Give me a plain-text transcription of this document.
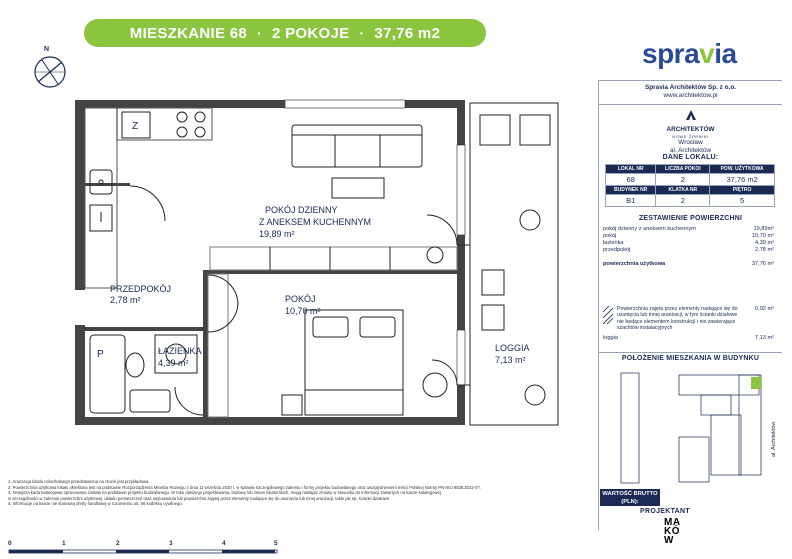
MIESZKANIE 68 · 2 POKOJE · 37,76 m2
N	spravia
Z
P
POKÓJ DZIENNY
Z ANEKSEM KUCHENNYM
19,89 m²
PRZEDPOKÓJ
2,78 m²	POKÓJ
10,70 m²
ŁAZIENKA
4,39 m²
LOGGIA
7,13 m²
Spravia Architektów Sp. z o.o.
www.architektow.pl
ARCHITEKTÓW
NOWE ŻERNIKI
Wrocław
al. Architektów
DANE LOKALU:
LOKAL NR	LICZBA POKOI	POW. UŻYTKOWA
68	2	37,76 m2
BUDYNEK NR	KLATKA NR	PIĘTRO
B1	2	5
ZESTAWIENIE POWIERZCHNI
pokój dzienny z aneksem kuchennym	19,89m²
pokój	10,70 m²
łazienka	4,39 m²
przedpokój	2,78 m²
powierzchnia użytkowa	37,76 m²
Powierzchnia zajęta przez elementy nadające się do usunięcia lub innej aranżacji, w tym ścianki działowe nie będące elementem konstrukcji i nie zawierające szachtów instalacyjnych
0,92 m²
loggia	7,13 m²
POŁOŻENIE MIESZKANIA W BUDYNKU
al. Architektów
WARTOŚĆ BRUTTO (PLN):
PROJEKTANT
MA
KÓ
W
1. Aranżacja lokalu mieszkalnego przedstawiona na rzucie jest przykładowa.
2. Powierzchnia użytkowa lokalu określona jest na podstawie Rozporządzenia Ministra Rozwoju z dnia 11 września 2020 r. w sprawie szczegółowego zakresu i formy projektu budowlanego oraz uwzględnieniem treści Polskiej Normy PN-ISO 9836:2022-07.
3. Niniejsza karta katalogowa opracowana została na podstawie projektu budowlanego. W toku dalszego projektowania, budowy lub zmian lokatorskich, mogą nastąpić zmiany w stosunku do informacji zawartych na karcie katalogowej,
w szczególności w zakresie powierzchni użytkowej, układu pomieszczeń oraz usytuowania lub powierzchni zajętej przez elementy nadające się do usunięcia lub innej aranżacji, takie jak np. ścianki działowe.
4. Informacje na karcie nie stanowią oferty handlowej w rozumieniu art. 66 kodeksu cywilnego.
0	1	2	3	4	5
